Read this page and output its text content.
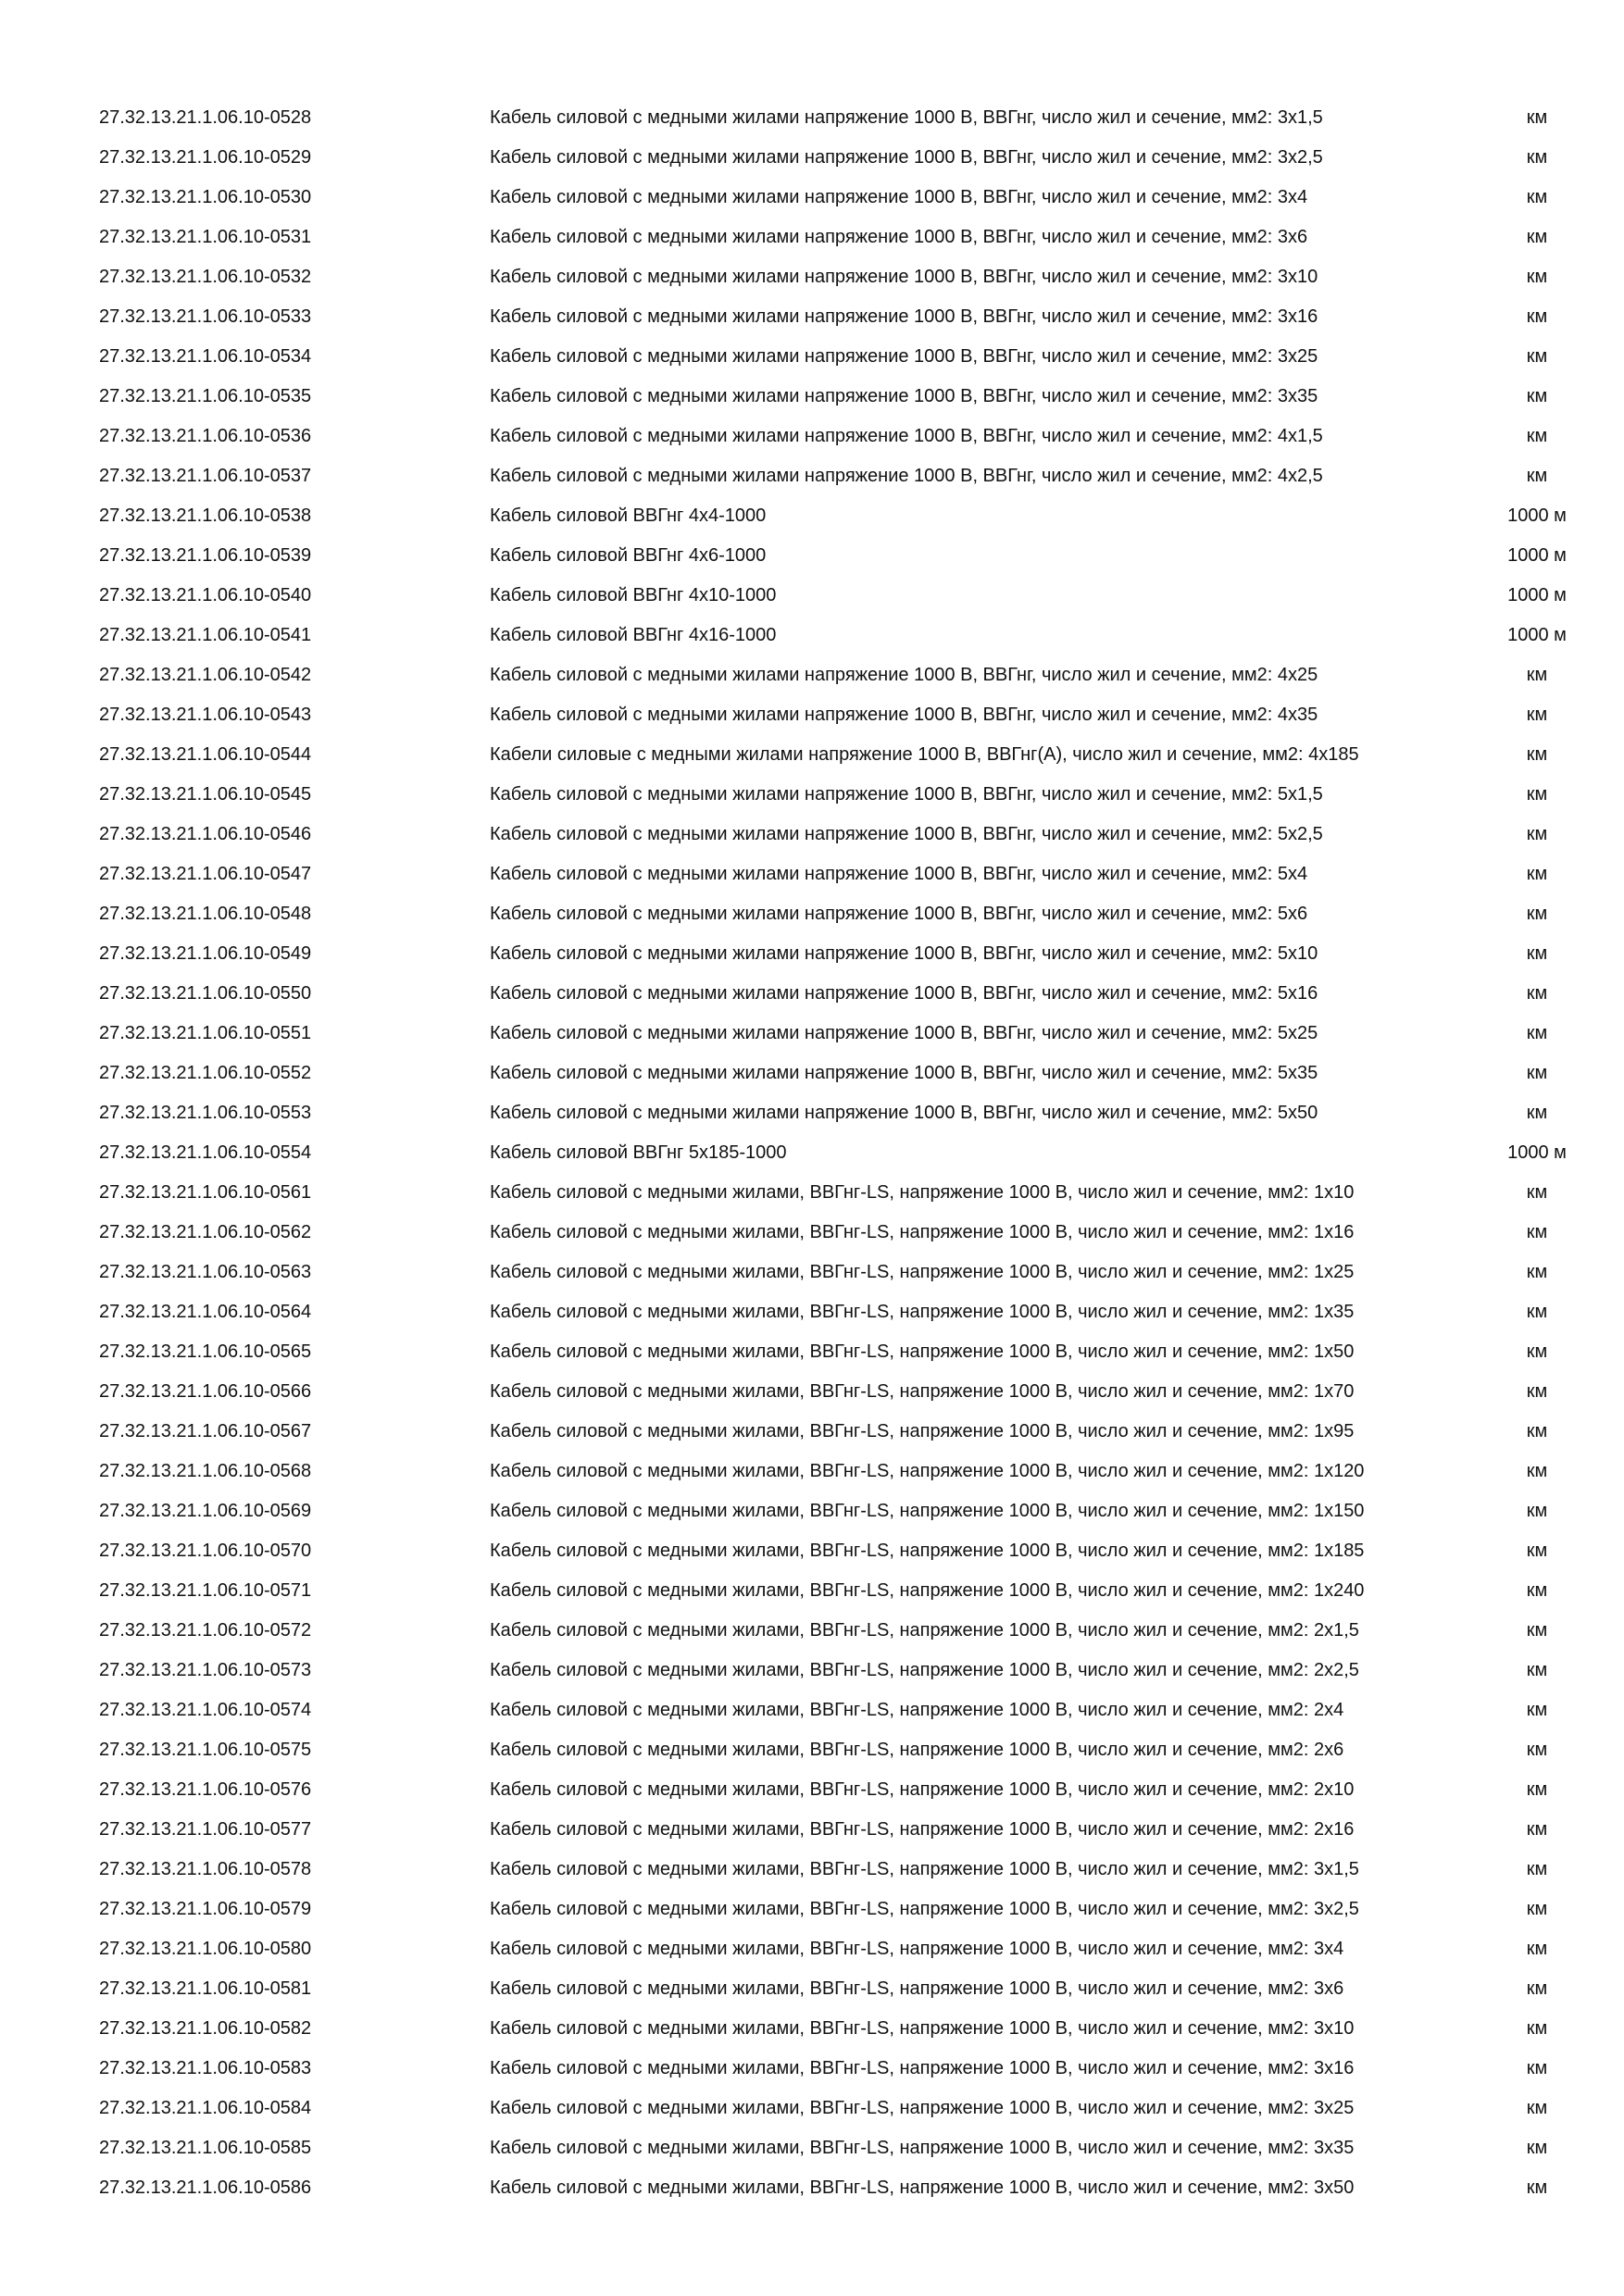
27.32.13.21.1.06.10-0528	Кабель силовой с медными жилами напряжение 1000 В, ВВГнг, число жил и сечение, мм2: 3х1,5	км
27.32.13.21.1.06.10-0529	Кабель силовой с медными жилами напряжение 1000 В, ВВГнг, число жил и сечение, мм2: 3х2,5	км
27.32.13.21.1.06.10-0530	Кабель силовой с медными жилами напряжение 1000 В, ВВГнг, число жил и сечение, мм2: 3х4	км
27.32.13.21.1.06.10-0531	Кабель силовой с медными жилами напряжение 1000 В, ВВГнг, число жил и сечение, мм2: 3х6	км
27.32.13.21.1.06.10-0532	Кабель силовой с медными жилами напряжение 1000 В, ВВГнг, число жил и сечение, мм2: 3х10	км
27.32.13.21.1.06.10-0533	Кабель силовой с медными жилами напряжение 1000 В, ВВГнг, число жил и сечение, мм2: 3х16	км
27.32.13.21.1.06.10-0534	Кабель силовой с медными жилами напряжение 1000 В, ВВГнг, число жил и сечение, мм2: 3х25	км
27.32.13.21.1.06.10-0535	Кабель силовой с медными жилами напряжение 1000 В, ВВГнг, число жил и сечение, мм2: 3х35	км
27.32.13.21.1.06.10-0536	Кабель силовой с медными жилами напряжение 1000 В, ВВГнг, число жил и сечение, мм2: 4х1,5	км
27.32.13.21.1.06.10-0537	Кабель силовой с медными жилами напряжение 1000 В, ВВГнг, число жил и сечение, мм2: 4х2,5	км
27.32.13.21.1.06.10-0538	Кабель силовой ВВГнг 4х4-1000	1000 м
27.32.13.21.1.06.10-0539	Кабель силовой ВВГнг 4х6-1000	1000 м
27.32.13.21.1.06.10-0540	Кабель силовой ВВГнг 4х10-1000	1000 м
27.32.13.21.1.06.10-0541	Кабель силовой ВВГнг 4х16-1000	1000 м
27.32.13.21.1.06.10-0542	Кабель силовой с медными жилами напряжение 1000 В, ВВГнг, число жил и сечение, мм2: 4х25	км
27.32.13.21.1.06.10-0543	Кабель силовой с медными жилами напряжение 1000 В, ВВГнг, число жил и сечение, мм2: 4х35	км
27.32.13.21.1.06.10-0544	Кабели силовые с медными жилами напряжение 1000 В, ВВГнг(А), число жил и сечение, мм2: 4х185	км
27.32.13.21.1.06.10-0545	Кабель силовой с медными жилами напряжение 1000 В, ВВГнг, число жил и сечение, мм2: 5х1,5	км
27.32.13.21.1.06.10-0546	Кабель силовой с медными жилами напряжение 1000 В, ВВГнг, число жил и сечение, мм2: 5х2,5	км
27.32.13.21.1.06.10-0547	Кабель силовой с медными жилами напряжение 1000 В, ВВГнг, число жил и сечение, мм2: 5х4	км
27.32.13.21.1.06.10-0548	Кабель силовой с медными жилами напряжение 1000 В, ВВГнг, число жил и сечение, мм2: 5х6	км
27.32.13.21.1.06.10-0549	Кабель силовой с медными жилами напряжение 1000 В, ВВГнг, число жил и сечение, мм2: 5х10	км
27.32.13.21.1.06.10-0550	Кабель силовой с медными жилами напряжение 1000 В, ВВГнг, число жил и сечение, мм2: 5х16	км
27.32.13.21.1.06.10-0551	Кабель силовой с медными жилами напряжение 1000 В, ВВГнг, число жил и сечение, мм2: 5х25	км
27.32.13.21.1.06.10-0552	Кабель силовой с медными жилами напряжение 1000 В, ВВГнг, число жил и сечение, мм2: 5х35	км
27.32.13.21.1.06.10-0553	Кабель силовой с медными жилами напряжение 1000 В, ВВГнг, число жил и сечение, мм2: 5х50	км
27.32.13.21.1.06.10-0554	Кабель силовой ВВГнг 5х185-1000	1000 м
27.32.13.21.1.06.10-0561	Кабель силовой с медными жилами, ВВГнг-LS, напряжение 1000 В, число жил и сечение, мм2: 1х10	км
27.32.13.21.1.06.10-0562	Кабель силовой с медными жилами, ВВГнг-LS, напряжение 1000 В, число жил и сечение, мм2: 1х16	км
27.32.13.21.1.06.10-0563	Кабель силовой с медными жилами, ВВГнг-LS, напряжение 1000 В, число жил и сечение, мм2: 1х25	км
27.32.13.21.1.06.10-0564	Кабель силовой с медными жилами, ВВГнг-LS, напряжение 1000 В, число жил и сечение, мм2: 1х35	км
27.32.13.21.1.06.10-0565	Кабель силовой с медными жилами, ВВГнг-LS, напряжение 1000 В, число жил и сечение, мм2: 1х50	км
27.32.13.21.1.06.10-0566	Кабель силовой с медными жилами, ВВГнг-LS, напряжение 1000 В, число жил и сечение, мм2: 1х70	км
27.32.13.21.1.06.10-0567	Кабель силовой с медными жилами, ВВГнг-LS, напряжение 1000 В, число жил и сечение, мм2: 1х95	км
27.32.13.21.1.06.10-0568	Кабель силовой с медными жилами, ВВГнг-LS, напряжение 1000 В, число жил и сечение, мм2: 1х120	км
27.32.13.21.1.06.10-0569	Кабель силовой с медными жилами, ВВГнг-LS, напряжение 1000 В, число жил и сечение, мм2: 1х150	км
27.32.13.21.1.06.10-0570	Кабель силовой с медными жилами, ВВГнг-LS, напряжение 1000 В, число жил и сечение, мм2: 1х185	км
27.32.13.21.1.06.10-0571	Кабель силовой с медными жилами, ВВГнг-LS, напряжение 1000 В, число жил и сечение, мм2: 1х240	км
27.32.13.21.1.06.10-0572	Кабель силовой с медными жилами, ВВГнг-LS, напряжение 1000 В, число жил и сечение, мм2: 2х1,5	км
27.32.13.21.1.06.10-0573	Кабель силовой с медными жилами, ВВГнг-LS, напряжение 1000 В, число жил и сечение, мм2: 2х2,5	км
27.32.13.21.1.06.10-0574	Кабель силовой с медными жилами, ВВГнг-LS, напряжение 1000 В, число жил и сечение, мм2: 2х4	км
27.32.13.21.1.06.10-0575	Кабель силовой с медными жилами, ВВГнг-LS, напряжение 1000 В, число жил и сечение, мм2: 2х6	км
27.32.13.21.1.06.10-0576	Кабель силовой с медными жилами, ВВГнг-LS, напряжение 1000 В, число жил и сечение, мм2: 2х10	км
27.32.13.21.1.06.10-0577	Кабель силовой с медными жилами, ВВГнг-LS, напряжение 1000 В, число жил и сечение, мм2: 2х16	км
27.32.13.21.1.06.10-0578	Кабель силовой с медными жилами, ВВГнг-LS, напряжение 1000 В, число жил и сечение, мм2: 3х1,5	км
27.32.13.21.1.06.10-0579	Кабель силовой с медными жилами, ВВГнг-LS, напряжение 1000 В, число жил и сечение, мм2: 3х2,5	км
27.32.13.21.1.06.10-0580	Кабель силовой с медными жилами, ВВГнг-LS, напряжение 1000 В, число жил и сечение, мм2: 3х4	км
27.32.13.21.1.06.10-0581	Кабель силовой с медными жилами, ВВГнг-LS, напряжение 1000 В, число жил и сечение, мм2: 3х6	км
27.32.13.21.1.06.10-0582	Кабель силовой с медными жилами, ВВГнг-LS, напряжение 1000 В, число жил и сечение, мм2: 3х10	км
27.32.13.21.1.06.10-0583	Кабель силовой с медными жилами, ВВГнг-LS, напряжение 1000 В, число жил и сечение, мм2: 3х16	км
27.32.13.21.1.06.10-0584	Кабель силовой с медными жилами, ВВГнг-LS, напряжение 1000 В, число жил и сечение, мм2: 3х25	км
27.32.13.21.1.06.10-0585	Кабель силовой с медными жилами, ВВГнг-LS, напряжение 1000 В, число жил и сечение, мм2: 3х35	км
27.32.13.21.1.06.10-0586	Кабель силовой с медными жилами, ВВГнг-LS, напряжение 1000 В, число жил и сечение, мм2: 3х50	км
